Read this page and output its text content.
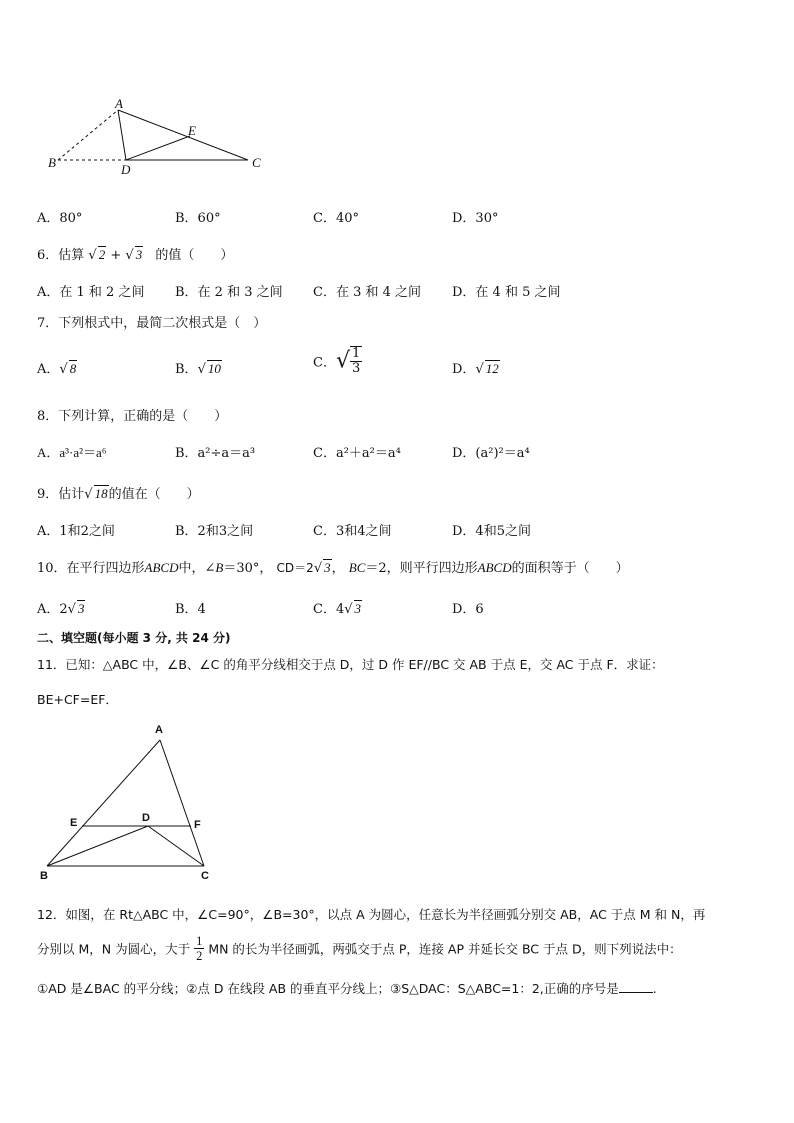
A
B	C
D
E
A．80°	B．60°	C．40°	D．30°
6．估算 √ 2 + √ 3 的值（　　）
A．在 1 和 2 之间 B．在 2 和 3 之间 C．在 3 和 4 之间 D．在 4 和 5 之间
7．下列根式中，最简二次根式是（　）
A．√ 8	B．√ 10	C．√ $\frac{1}{3}$	D．√ 12
8．下列计算，正确的是（　　）
A．a³·a²＝a⁶	B．a²÷a＝a³	C．a²＋a²＝a⁴	D．(a²)²＝a⁴
9．估计√ 18的值在（　　）
A．1和2之间	B．2和3之间	C．3和4之间	D．4和5之间
10．在平行四边形ABCD中，∠B＝30°， CD＝2√ 3， BC＝2，则平行四边形ABCD的面积等于（　　）
A．2√ 3	B．4	C．4√ 3	D．6
二、填空题(每小题 3 分, 共 24 分)
11．已知：△ABC 中，∠B、∠C 的角平分线相交于点 D，过 D 作 EF//BC 交 AB 于点 E，交 AC 于点 F．求证：
BE+CF=EF．
A
B	C
D
E	F
12．如图，在 Rt△ABC 中，∠C=90°，∠B=30°，以点 A 为圆心，任意长为半径画弧分别交 AB，AC 于点 M 和 N，再
分别以 M，N 为圆心，大于 $\frac{1}{2}$ MN 的长为半径画弧，两弧交于点 P，连接 AP 并延长交 BC 于点 D，则下列说法中：
①AD 是∠BAC 的平分线；②点 D 在线段 AB 的垂直平分线上；③S△DAC：S△ABC=1：2,正确的序号是	.
